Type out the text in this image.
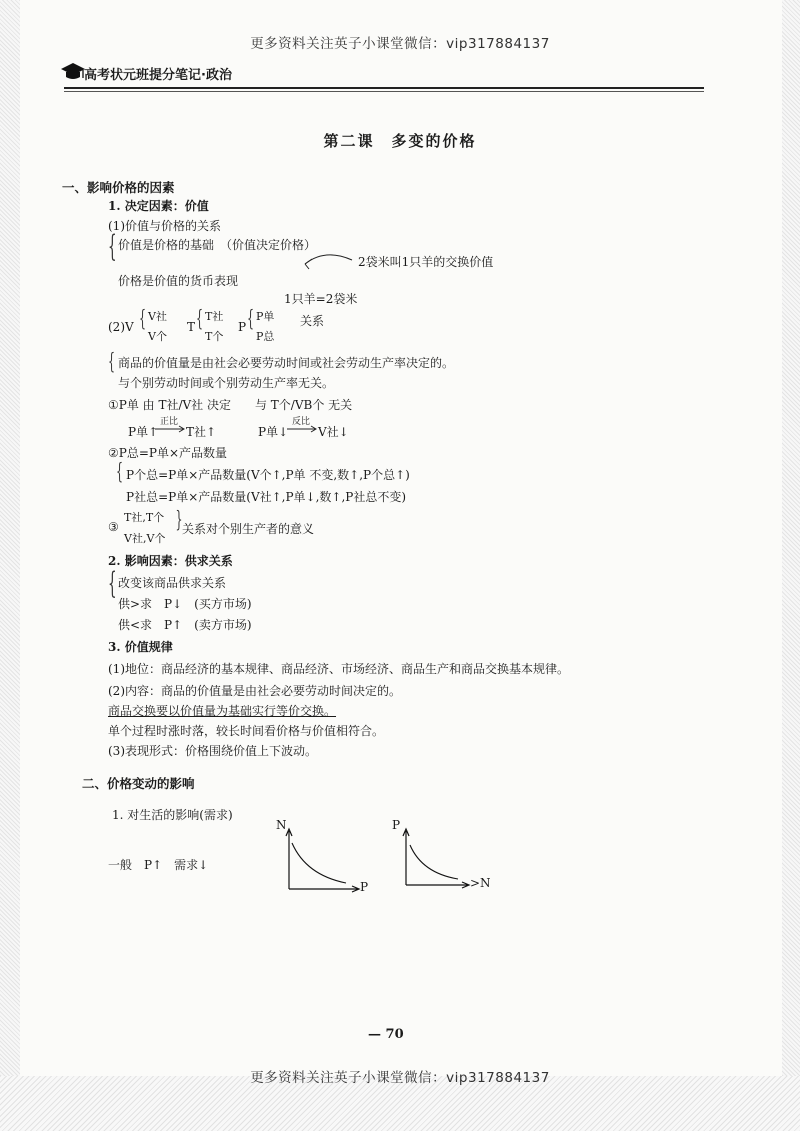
更多资料关注英子小课堂微信：vip317884137
高考状元班提分笔记·政治
第二课　多变的价格
一、影响价格的因素
1. 决定因素：价值
(1)价值与价格的关系
{ 价值是价格的基础　（价值决定价格）
价格是价值的货币表现
2袋米叫1只羊的交换价值
1只羊=2袋米
(2)V { V社
V个
T { T社
T个
P { P单
P总
关系
{ 商品的价值量是由社会必要劳动时间或社会劳动生产率决定的。
与个别劳动时间或个别劳动生产率无关。
①P单 由 T社/V社 决定　　与 T个/VB个 无关
P单↑
正比
T社↑	P单↓
反比
V社↓
②P总=P单×产品数量
{ P个总=P单×产品数量(V个↑,P单 不变,数↑,P个总↑)
P社总=P单×产品数量(V社↑,P单↓,数↑,P社总不变)
③
T社,T个
V社,V个
{ 关系对个别生产者的意义
2. 影响因素：供求关系
{ 改变该商品供求关系
供>求　P↓　(买方市场)
供<求　P↑　(卖方市场)
3. 价值规律
(1)地位：商品经济的基本规律、商品经济、市场经济、商品生产和商品交换基本规律。
(2)内容：商品的价值量是由社会必要劳动时间决定的。
商品交换要以价值量为基础实行等价交换。
单个过程时涨时落，较长时间看价格与价值相符合。
(3)表现形式：价格围绕价值上下波动。
二、价格变动的影响
1. 对生活的影响(需求)
一般　P↑　需求↓
N
P
P
>N
— 70
更多资料关注英子小课堂微信：vip317884137
